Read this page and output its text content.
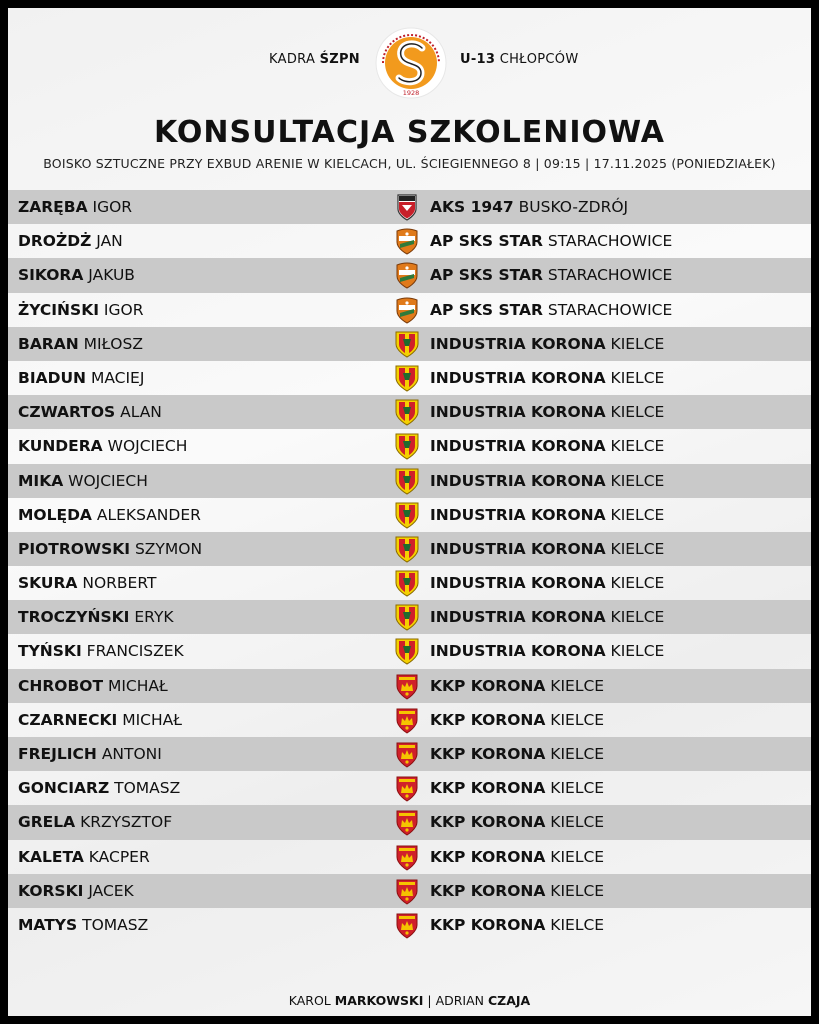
KADRA ŚZPN
1928
U-13 CHŁOPCÓW
KONSULTACJA SZKOLENIOWA
BOISKO SZTUCZNE PRZY EXBUD ARENIE W KIELCACH, UL. ŚCIEGIENNEGO 8 | 09:15 | 17.11.2025 (PONIEDZIAŁEK)
ZARĘBA IGOR	AKS 1947 BUSKO-ZDRÓJ
DROŻDŻ JAN	AP SKS STAR STARACHOWICE
SIKORA JAKUB	AP SKS STAR STARACHOWICE
ŻYCIŃSKI IGOR	AP SKS STAR STARACHOWICE
BARAN MIŁOSZ	INDUSTRIA KORONA KIELCE
BIADUN MACIEJ	INDUSTRIA KORONA KIELCE
CZWARTOS ALAN	INDUSTRIA KORONA KIELCE
KUNDERA WOJCIECH	INDUSTRIA KORONA KIELCE
MIKA WOJCIECH	INDUSTRIA KORONA KIELCE
MOLĘDA ALEKSANDER	INDUSTRIA KORONA KIELCE
PIOTROWSKI SZYMON	INDUSTRIA KORONA KIELCE
SKURA NORBERT	INDUSTRIA KORONA KIELCE
TROCZYŃSKI ERYK	INDUSTRIA KORONA KIELCE
TYŃSKI FRANCISZEK	INDUSTRIA KORONA KIELCE
CHROBOT MICHAŁ	KKP KORONA KIELCE
CZARNECKI MICHAŁ	KKP KORONA KIELCE
FREJLICH ANTONI	KKP KORONA KIELCE
GONCIARZ TOMASZ	KKP KORONA KIELCE
GRELA KRZYSZTOF	KKP KORONA KIELCE
KALETA KACPER	KKP KORONA KIELCE
KORSKI JACEK	KKP KORONA KIELCE
MATYS TOMASZ	KKP KORONA KIELCE
KAROL MARKOWSKI | ADRIAN CZAJA
